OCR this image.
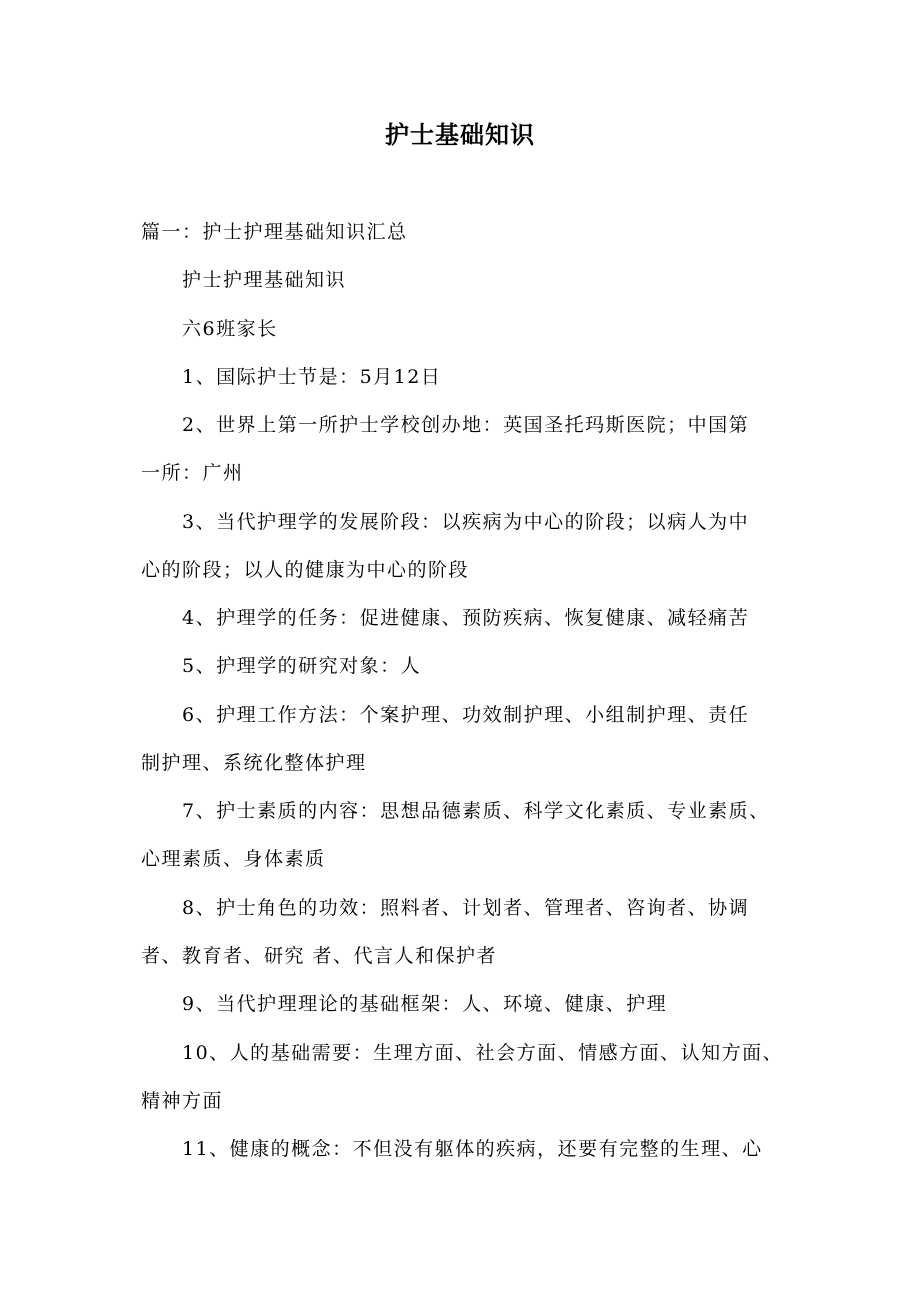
护士基础知识
篇一：护士护理基础知识汇总
护士护理基础知识
六6班家长
1、国际护士节是：5月12日
2、世界上第一所护士学校创办地：英国圣托玛斯医院；中国第
一所：广州
3、当代护理学的发展阶段：以疾病为中心的阶段；以病人为中
心的阶段；以人的健康为中心的阶段
4、护理学的任务：促进健康、预防疾病、恢复健康、减轻痛苦
5、护理学的研究对象：人
6、护理工作方法：个案护理、功效制护理、小组制护理、责任
制护理、系统化整体护理
7、护士素质的内容：思想品德素质、科学文化素质、专业素质、
心理素质、身体素质
8、护士角色的功效：照料者、计划者、管理者、咨询者、协调
者、教育者、研究 者、代言人和保护者
9、当代护理理论的基础框架：人、环境、健康、护理
10、人的基础需要：生理方面、社会方面、情感方面、认知方面、
精神方面
11、健康的概念：不但没有躯体的疾病，还要有完整的生理、心
